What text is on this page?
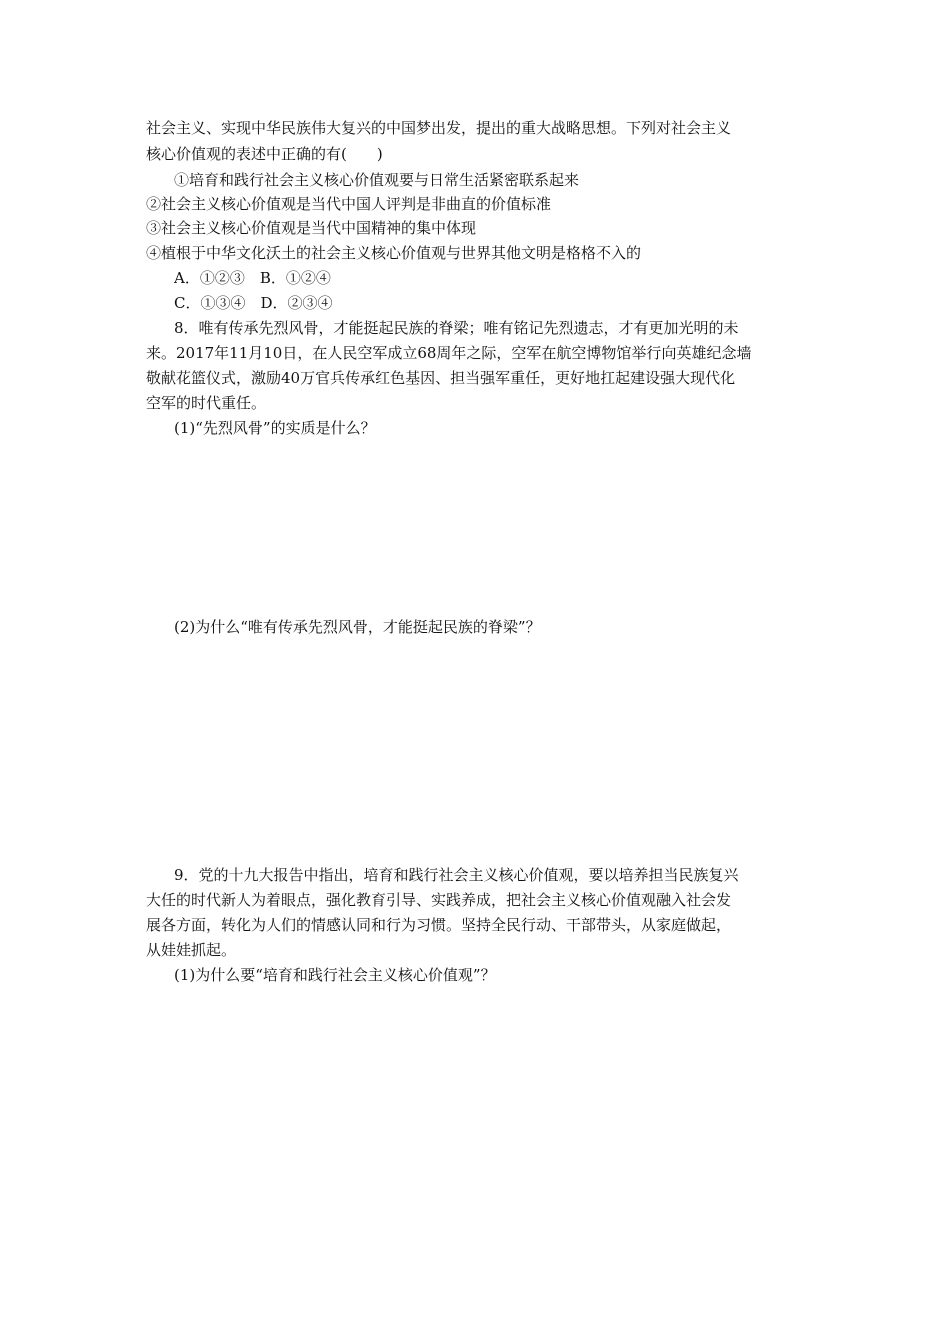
社会主义、实现中华民族伟大复兴的中国梦出发，提出的重大战略思想。下列对社会主义
核心价值观的表述中正确的有(　　)
①培育和践行社会主义核心价值观要与日常生活紧密联系起来
②社会主义核心价值观是当代中国人评判是非曲直的价值标准
③社会主义核心价值观是当代中国精神的集中体现
④植根于中华文化沃土的社会主义核心价值观与世界其他文明是格格不入的
A．①②③　B．①②④
C．①③④　D．②③④
8．唯有传承先烈风骨，才能挺起民族的脊梁；唯有铭记先烈遗志，才有更加光明的未
来。2017年11月10日，在人民空军成立68周年之际，空军在航空博物馆举行向英雄纪念墙
敬献花篮仪式，激励40万官兵传承红色基因、担当强军重任，更好地扛起建设强大现代化
空军的时代重任。
(1)“先烈风骨”的实质是什么？
(2)为什么“唯有传承先烈风骨，才能挺起民族的脊梁”？
9．党的十九大报告中指出，培育和践行社会主义核心价值观，要以培养担当民族复兴
大任的时代新人为着眼点，强化教育引导、实践养成，把社会主义核心价值观融入社会发
展各方面，转化为人们的情感认同和行为习惯。坚持全民行动、干部带头，从家庭做起，
从娃娃抓起。
(1)为什么要“培育和践行社会主义核心价值观”？
